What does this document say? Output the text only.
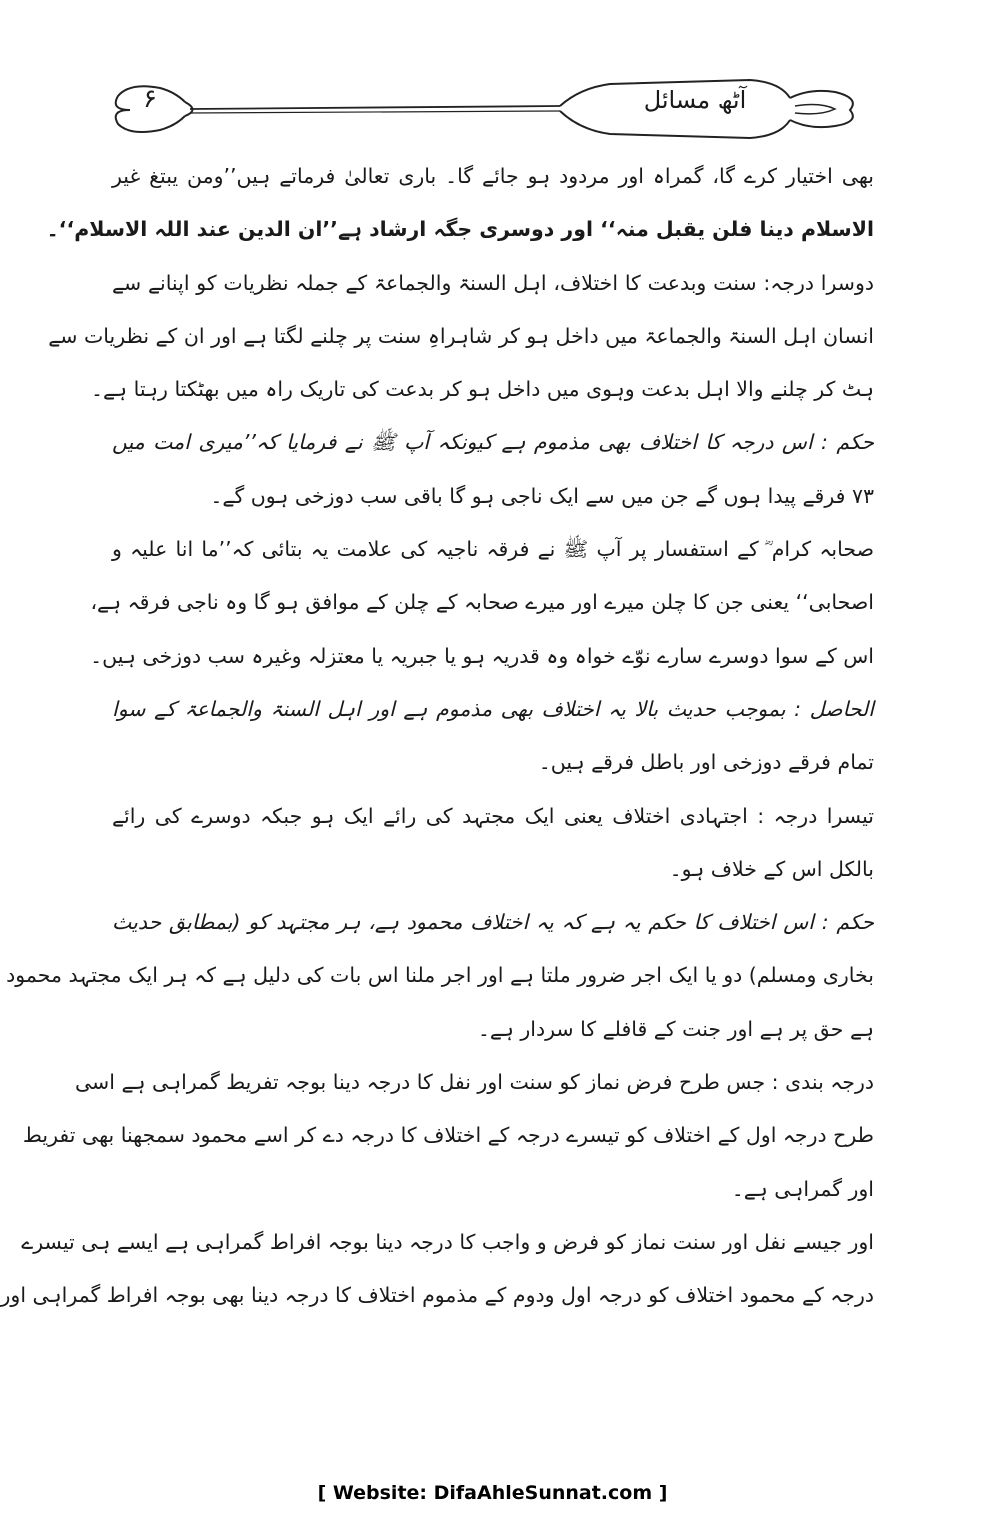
آٹھ مسائل
۶
بھی اختیار کرے گا، گمراہ اور مردود ہو جائے گا۔ باری تعالیٰ فرماتے ہیں’’ومن یبتغ غیر
الاسلام دینا فلن یقبل منہ‘‘ اور دوسری جگہ ارشاد ہے’’ان الدین عند اللہ الاسلام‘‘۔
دوسرا درجہ: سنت وبدعت کا اختلاف، اہل السنۃ والجماعۃ کے جملہ نظریات کو اپنانے سے
انسان اہل السنۃ والجماعۃ میں داخل ہو کر شاہراہِ سنت پر چلنے لگتا ہے اور ان کے نظریات سے
ہٹ کر چلنے والا اہل بدعت وہوی میں داخل ہو کر بدعت کی تاریک راہ میں بھٹکتا رہتا ہے۔
حکم : اس درجہ کا اختلاف بھی مذموم ہے کیونکہ آپ ﷺ نے فرمایا کہ’’میری امت میں
۷۳ فرقے پیدا ہوں گے جن میں سے ایک ناجی ہو گا باقی سب دوزخی ہوں گے۔
صحابہ کرام ؓ کے استفسار پر آپ ﷺ نے فرقہ ناجیہ کی علامت یہ بتائی کہ’’ما انا علیہ و
اصحابی‘‘ یعنی جن کا چلن میرے اور میرے صحابہ کے چلن کے موافق ہو گا وہ ناجی فرقہ ہے،
اس کے سوا دوسرے سارے نوّے خواہ وہ قدریہ ہو یا جبریہ یا معتزلہ وغیرہ سب دوزخی ہیں۔
الحاصل : بموجب حدیث بالا یہ اختلاف بھی مذموم ہے اور اہل السنۃ والجماعۃ کے سوا
تمام فرقے دوزخی اور باطل فرقے ہیں۔
تیسرا درجہ : اجتہادی اختلاف یعنی ایک مجتہد کی رائے ایک ہو جبکہ دوسرے کی رائے
بالکل اس کے خلاف ہو۔
حکم : اس اختلاف کا حکم یہ ہے کہ یہ اختلاف محمود ہے، ہر مجتہد کو (بمطابق حدیث
بخاری ومسلم) دو یا ایک اجر ضرور ملتا ہے اور اجر ملنا اس بات کی دلیل ہے کہ ہر ایک مجتہد محمود
ہے حق پر ہے اور جنت کے قافلے کا سردار ہے۔
درجہ بندی : جس طرح فرض نماز کو سنت اور نفل کا درجہ دینا بوجہ تفریط گمراہی ہے اسی
طرح درجہ اول کے اختلاف کو تیسرے درجہ کے اختلاف کا درجہ دے کر اسے محمود سمجھنا بھی تفریط
اور گمراہی ہے۔
اور جیسے نفل اور سنت نماز کو فرض و واجب کا درجہ دینا بوجہ افراط گمراہی ہے ایسے ہی تیسرے
درجہ کے محمود اختلاف کو درجہ اول ودوم کے مذموم اختلاف کا درجہ دینا بھی بوجہ افراط گمراہی اور
[ Website: DifaAhleSunnat.com ]
